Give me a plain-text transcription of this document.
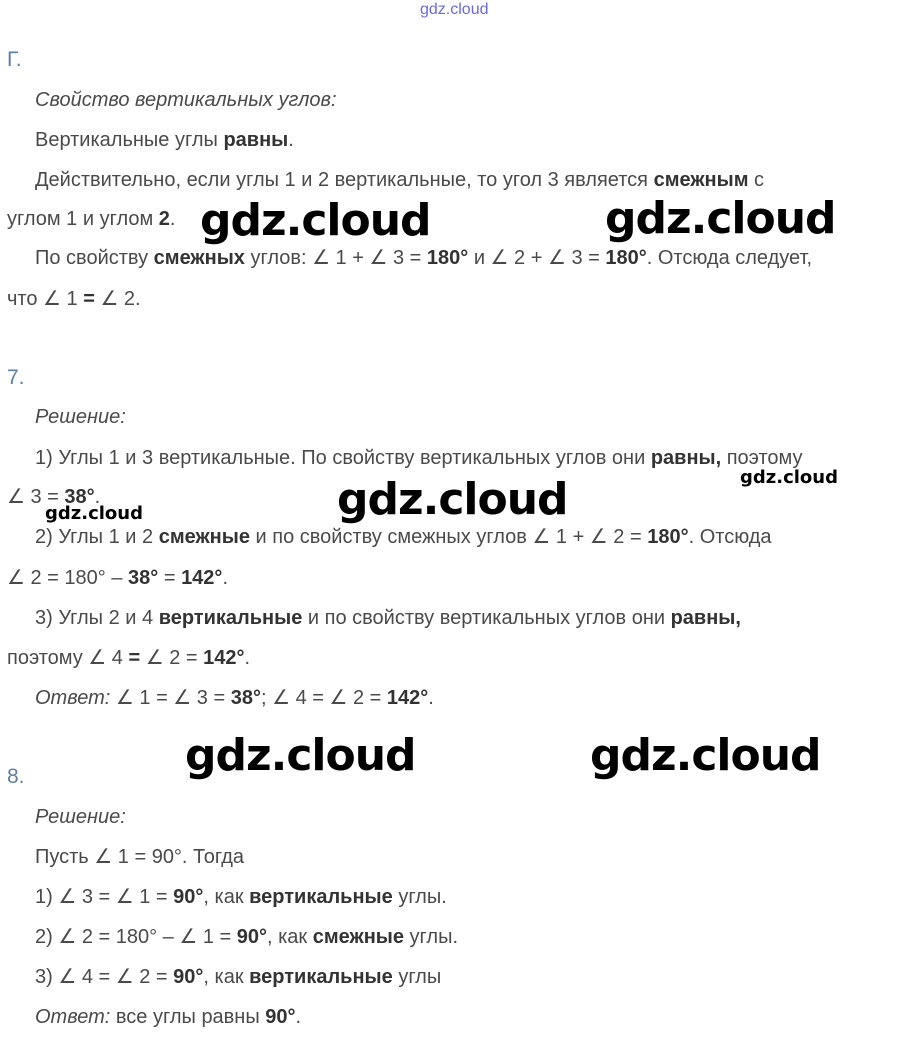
gdz.cloud
Г.
Свойство вертикальных углов:
Вертикальные углы равны.
Действительно, если углы 1 и 2 вертикальные, то угол 3 является смежным с
углом 1 и углом 2.
По свойству смежных углов: ∠ 1 + ∠ 3 = 180° и ∠ 2 + ∠ 3 = 180°. Отсюда следует,
что ∠ 1 = ∠ 2.
7.
Решение:
1) Углы 1 и 3 вертикальные. По свойству вертикальных углов они равны, поэтому
∠ 3 = 38°.
2) Углы 1 и 2 смежные и по свойству смежных углов ∠ 1 + ∠ 2 = 180°. Отсюда
∠ 2 = 180° – 38° = 142°.
3) Углы 2 и 4 вертикальные и по свойству вертикальных углов они равны,
поэтому ∠ 4 = ∠ 2 = 142°.
Ответ: ∠ 1 = ∠ 3 = 38°; ∠ 4 = ∠ 2 = 142°.
8.
Решение:
Пусть ∠ 1 = 90°. Тогда
1) ∠ 3 = ∠ 1 = 90°, как вертикальные углы.
2) ∠ 2 = 180° – ∠ 1 = 90°, как смежные углы.
3) ∠ 4 = ∠ 2 = 90°, как вертикальные углы
Ответ: все углы равны 90°.
gdz.cloud	gdz.cloud
gdz.cloud	gdz.cloud
gdz.cloud
gdz.cloud	gdz.cloud
